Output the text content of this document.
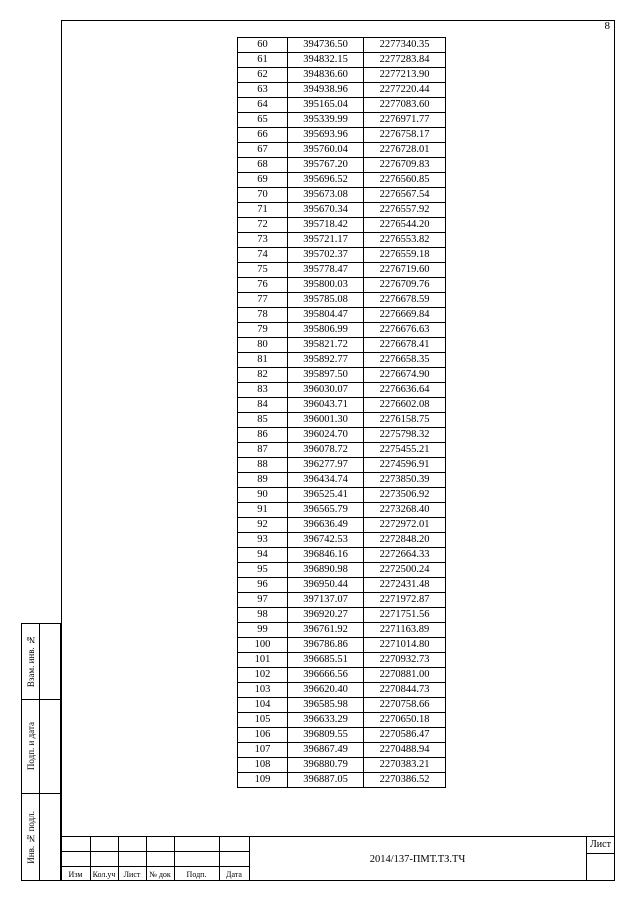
8
60	394736.50	2277340.35
61	394832.15	2277283.84
62	394836.60	2277213.90
63	394938.96	2277220.44
64	395165.04	2277083.60
65	395339.99	2276971.77
66	395693.96	2276758.17
67	395760.04	2276728.01
68	395767.20	2276709.83
69	395696.52	2276560.85
70	395673.08	2276567.54
71	395670.34	2276557.92
72	395718.42	2276544.20
73	395721.17	2276553.82
74	395702.37	2276559.18
75	395778.47	2276719.60
76	395800.03	2276709.76
77	395785.08	2276678.59
78	395804.47	2276669.84
79	395806.99	2276676.63
80	395821.72	2276678.41
81	395892.77	2276658.35
82	395897.50	2276674.90
83	396030.07	2276636.64
84	396043.71	2276602.08
85	396001.30	2276158.75
86	396024.70	2275798.32
87	396078.72	2275455.21
88	396277.97	2274596.91
89	396434.74	2273850.39
90	396525.41	2273506.92
91	396565.79	2273268.40
92	396636.49	2272972.01
93	396742.53	2272848.20
94	396846.16	2272664.33
95	396890.98	2272500.24
96	396950.44	2272431.48
97	397137.07	2271972.87
98	396920.27	2271751.56
99	396761.92	2271163.89
100	396786.86	2271014.80
101	396685.51	2270932.73
102	396666.56	2270881.00
103	396620.40	2270844.73
104	396585.98	2270758.66
105	396633.29	2270650.18
106	396809.55	2270586.47
107	396867.49	2270488.94
108	396880.79	2270383.21
109	396887.05	2270386.52
Взам. инв. №
Подп. и дата
Инв. № подл.
Изм	Кол.уч	Лист	№ док	Подп.	Дата
2014/137-ПМТ.ТЗ.ТЧ
Лист
